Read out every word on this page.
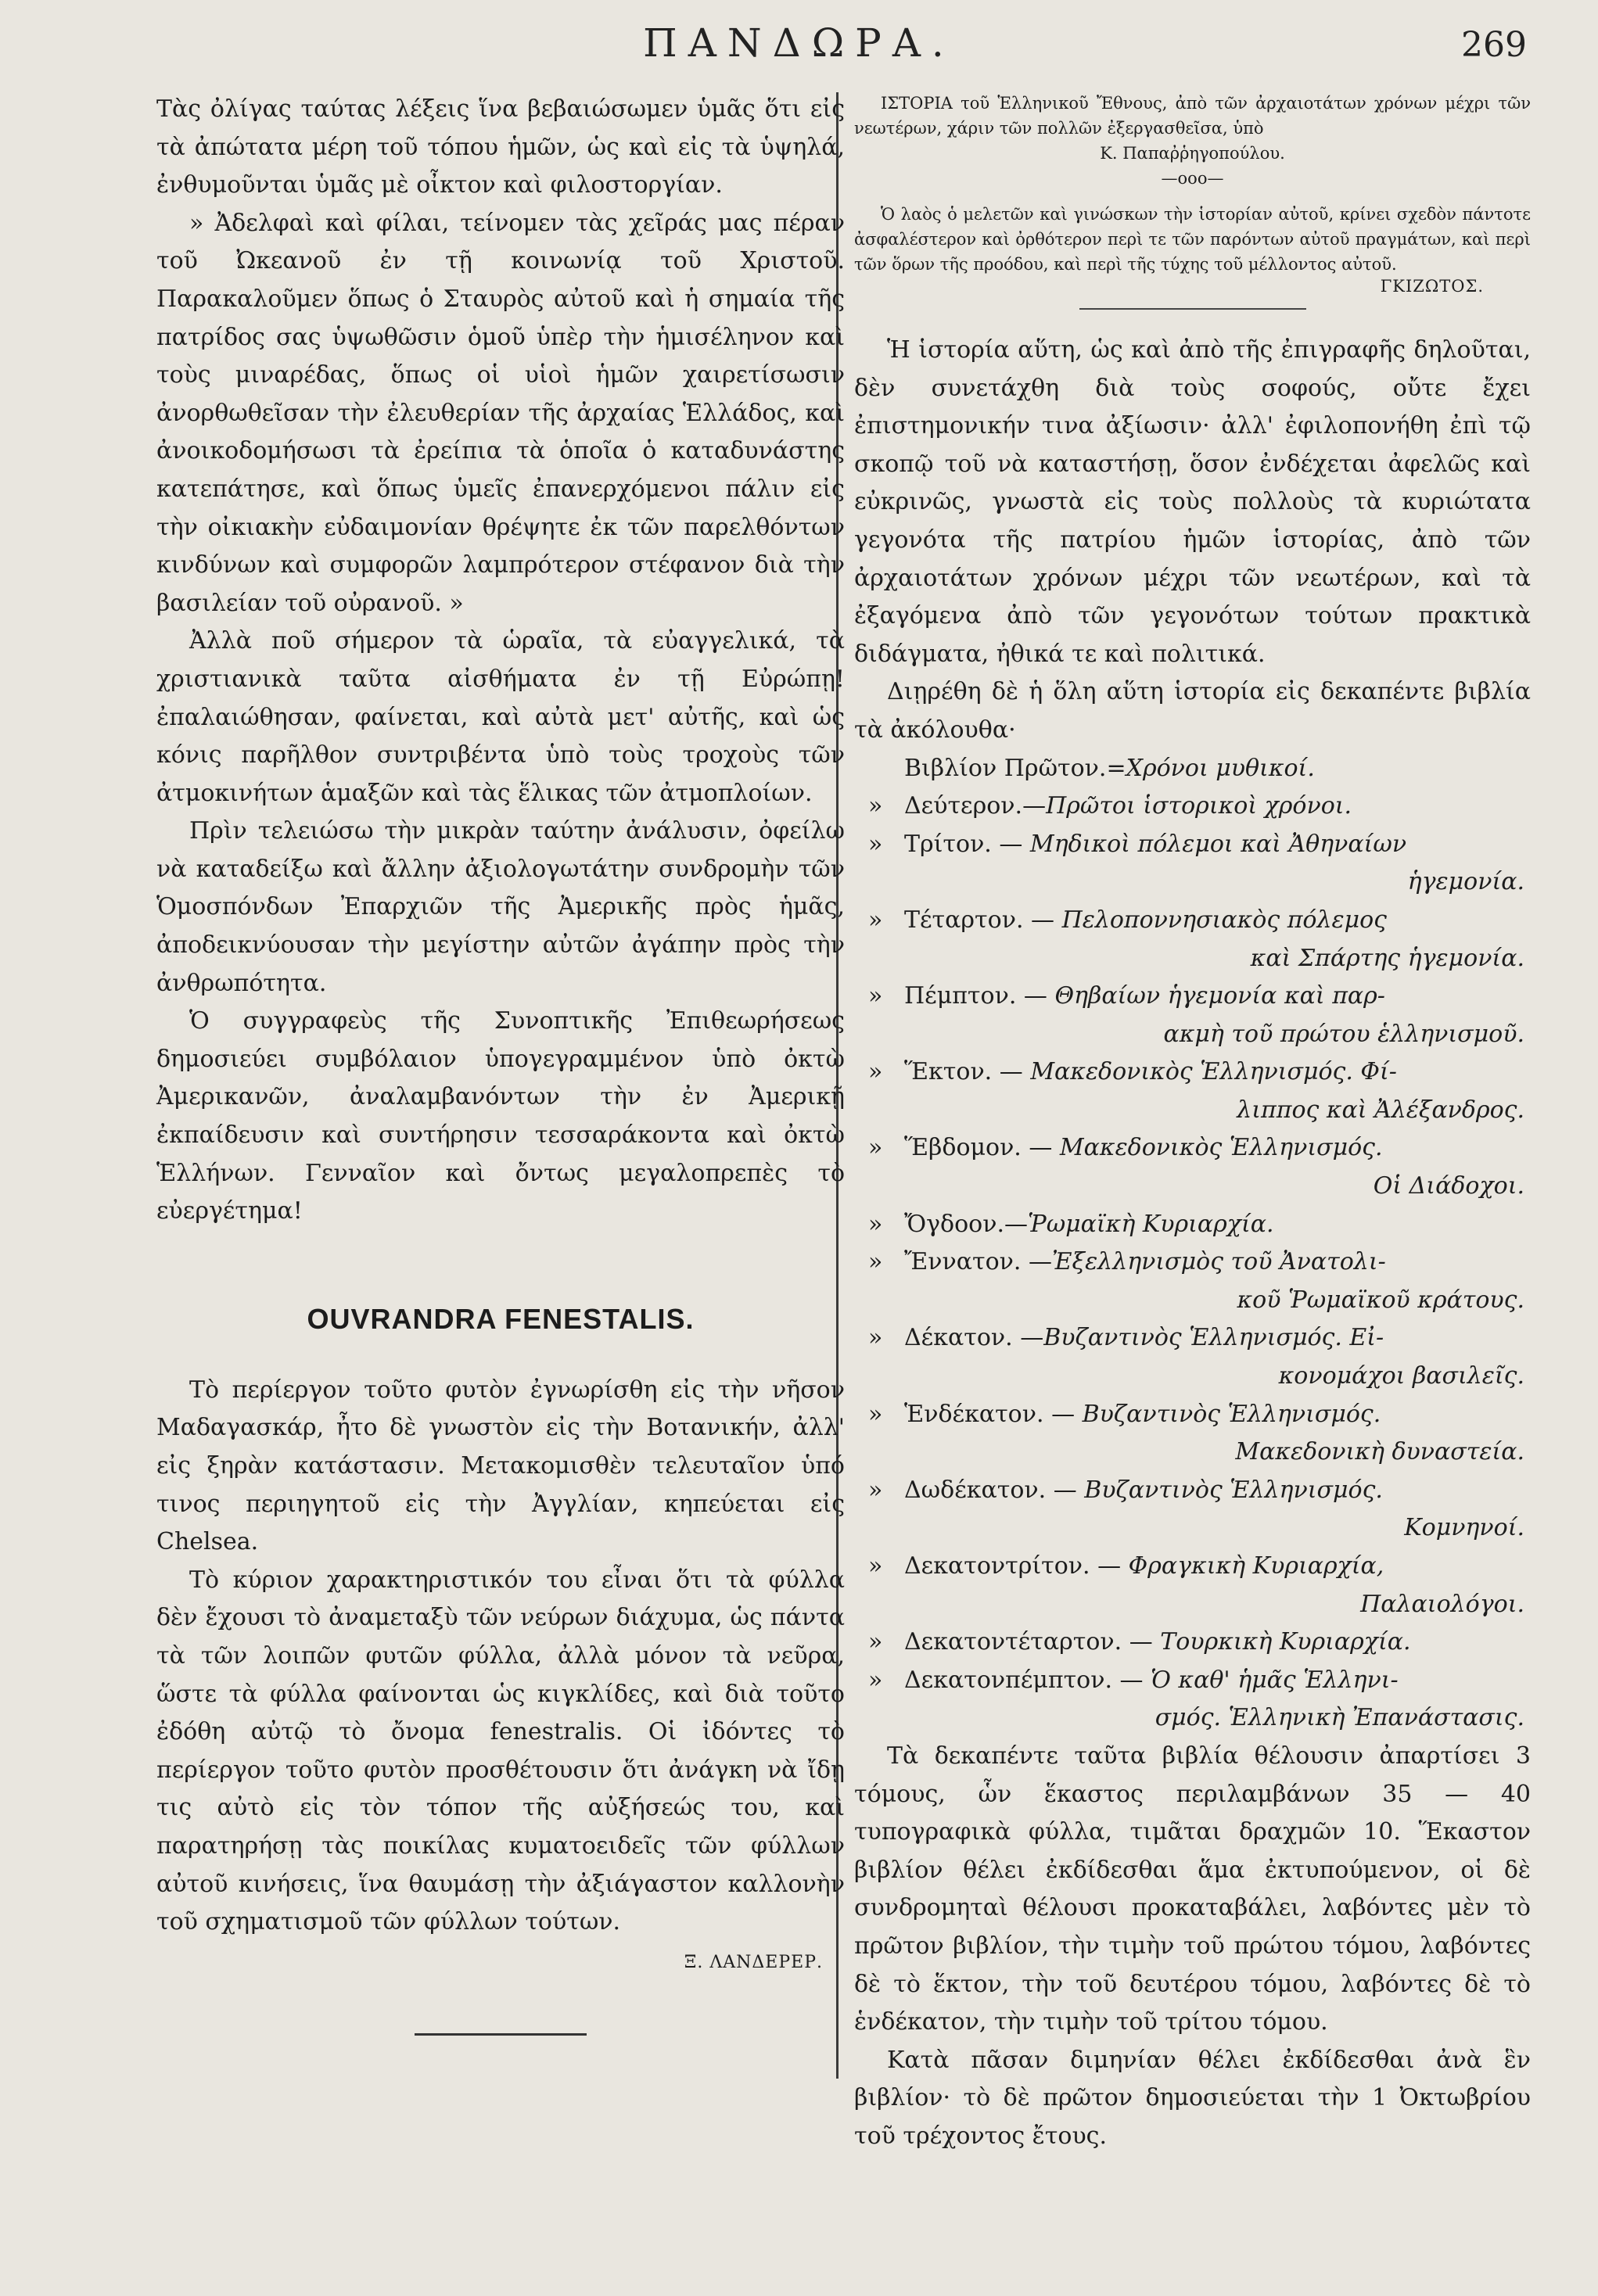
ΠΑΝΔΩΡΑ.	269

Τὰς ὀλίγας ταύτας λέξεις ἵνα βεβαιώσωμεν ὑμᾶς ὅτι εἰς τὰ ἀπώτατα μέρη τοῦ τόπου ἡμῶν, ὡς καὶ εἰς τὰ ὑψηλά, ἐνθυμοῦνται ὑμᾶς μὲ οἶκτον καὶ φιλοστοργίαν.

» Ἀδελφαὶ καὶ φίλαι, τείνομεν τὰς χεῖράς μας πέραν τοῦ Ὠκεανοῦ ἐν τῇ κοινωνίᾳ τοῦ Χριστοῦ. Παρακαλοῦμεν ὅπως ὁ Σταυρὸς αὐτοῦ καὶ ἡ σημαία τῆς πατρίδος σας ὑψωθῶσιν ὁμοῦ ὑπὲρ τὴν ἡμισέληνον καὶ τοὺς μιναρέδας, ὅπως οἱ υἱοὶ ἡμῶν χαιρετίσωσιν ἀνορθωθεῖσαν τὴν ἐλευθερίαν τῆς ἀρχαίας Ἑλλάδος, καὶ ἀνοικοδομήσωσι τὰ ἐρείπια τὰ ὁποῖα ὁ καταδυνάστης κατεπάτησε, καὶ ὅπως ὑμεῖς ἐπανερχόμενοι πάλιν εἰς τὴν οἰκιακὴν εὐδαιμονίαν θρέψητε ἐκ τῶν παρελθόντων κινδύνων καὶ συμφορῶν λαμπρότερον στέφανον διὰ τὴν βασιλείαν τοῦ οὐρανοῦ. »

Ἀλλὰ ποῦ σήμερον τὰ ὡραῖα, τὰ εὐαγγελικά, τὰ χριστιανικὰ ταῦτα αἰσθήματα ἐν τῇ Εὐρώπῃ! ἐπαλαιώθησαν, φαίνεται, καὶ αὐτὰ μετ' αὐτῆς, καὶ ὡς κόνις παρῆλθον συντριβέντα ὑπὸ τοὺς τροχοὺς τῶν ἀτμοκινήτων ἁμαξῶν καὶ τὰς ἕλικας τῶν ἀτμοπλοίων.

Πρὶν τελειώσω τὴν μικρὰν ταύτην ἀνάλυσιν, ὀφείλω νὰ καταδείξω καὶ ἄλλην ἀξιολογωτάτην συνδρομὴν τῶν Ὁμοσπόνδων Ἐπαρχιῶν τῆς Ἀμερικῆς πρὸς ἡμᾶς, ἀποδεικνύουσαν τὴν μεγίστην αὐτῶν ἀγάπην πρὸς τὴν ἀνθρωπότητα.

Ὁ συγγραφεὺς τῆς Συνοπτικῆς Ἐπιθεωρήσεως δημοσιεύει συμβόλαιον ὑπογεγραμμένον ὑπὸ ὀκτὼ Ἀμερικανῶν, ἀναλαμβανόντων τὴν ἐν Ἀμερικῇ ἐκπαίδευσιν καὶ συντήρησιν τεσσαράκοντα καὶ ὀκτὼ Ἑλλήνων. Γενναῖον καὶ ὄντως μεγαλοπρεπὲς τὸ εὐεργέτημα!

OUVRANDRA FENESTALIS.

Τὸ περίεργον τοῦτο φυτὸν ἐγνωρίσθη εἰς τὴν νῆσον Μαδαγασκάρ, ἦτο δὲ γνωστὸν εἰς τὴν Βοτανικήν, ἀλλ' εἰς ξηρὰν κατάστασιν. Μετακομισθὲν τελευταῖον ὑπό τινος περιηγητοῦ εἰς τὴν Ἀγγλίαν, κηπεύεται εἰς Chelsea.

Τὸ κύριον χαρακτηριστικόν του εἶναι ὅτι τὰ φύλλα δὲν ἔχουσι τὸ ἀναμεταξὺ τῶν νεύρων διάχυμα, ὡς πάντα τὰ τῶν λοιπῶν φυτῶν φύλλα, ἀλλὰ μόνον τὰ νεῦρα, ὥστε τὰ φύλλα φαίνονται ὡς κιγκλίδες, καὶ διὰ τοῦτο ἐδόθη αὐτῷ τὸ ὄνομα fenestralis. Οἱ ἰδόντες τὸ περίεργον τοῦτο φυτὸν προσθέτουσιν ὅτι ἀνάγκη νὰ ἴδῃ τις αὐτὸ εἰς τὸν τόπον τῆς αὐξήσεώς του, καὶ παρατηρήσῃ τὰς ποικίλας κυματοειδεῖς τῶν φύλλων αὐτοῦ κινήσεις, ἵνα θαυμάσῃ τὴν ἀξιάγαστον καλλονὴν τοῦ σχηματισμοῦ τῶν φύλλων τούτων.

Ξ. ΛΑΝΔΕΡΕΡ.

ΙΣΤΟΡΙΑ τοῦ Ἑλληνικοῦ Ἔθνους, ἀπὸ τῶν ἀρχαιοτάτων χρόνων μέχρι τῶν νεωτέρων, χάριν τῶν πολλῶν ἐξεργασθεῖσα, ὑπὸ

Κ. Παπαῤῥηγοπούλου.

—οοο—

Ὁ λαὸς ὁ μελετῶν καὶ γινώσκων τὴν ἱστορίαν αὐτοῦ, κρίνει σχεδὸν πάντοτε ἀσφαλέστερον καὶ ὀρθότερον περὶ τε τῶν παρόντων αὐτοῦ πραγμάτων, καὶ περὶ τῶν ὅρων τῆς προόδου, καὶ περὶ τῆς τύχης τοῦ μέλλοντος αὐτοῦ.

ΓΚΙΖΩΤΟΣ.

Ἡ ἱστορία αὕτη, ὡς καὶ ἀπὸ τῆς ἐπιγραφῆς δηλοῦται, δὲν συνετάχθη διὰ τοὺς σοφούς, οὔτε ἔχει ἐπιστημονικήν τινα ἀξίωσιν· ἀλλ' ἐφιλοπονήθη ἐπὶ τῷ σκοπῷ τοῦ νὰ καταστήσῃ, ὅσον ἐνδέχεται ἀφελῶς καὶ εὐκρινῶς, γνωστὰ εἰς τοὺς πολλοὺς τὰ κυριώτατα γεγονότα τῆς πατρίου ἡμῶν ἱστορίας, ἀπὸ τῶν ἀρχαιοτάτων χρόνων μέχρι τῶν νεωτέρων, καὶ τὰ ἐξαγόμενα ἀπὸ τῶν γεγονότων τούτων πρακτικὰ διδάγματα, ἠθικά τε καὶ πολιτικά.

Διῃρέθη δὲ ἡ ὅλη αὕτη ἱστορία εἰς δεκαπέντε βιβλία τὰ ἀκόλουθα·

Βιβλίον Πρῶτον.=Χρόνοι μυθικοί.
» Δεύτερον.—Πρῶτοι ἱστορικοὶ χρόνοι.
» Τρίτον. — Μηδικοὶ πόλεμοι καὶ Ἀθηναίων
ἡγεμονία.
» Τέταρτον. — Πελοποννησιακὸς πόλεμος
καὶ Σπάρτης ἡγεμονία.
» Πέμπτον. — Θηβαίων ἡγεμονία καὶ παρ-
ακμὴ τοῦ πρώτου ἑλληνισμοῦ.
» Ἕκτον. — Μακεδονικὸς Ἑλληνισμός. Φί-
λιππος καὶ Ἀλέξανδρος.
» Ἕβδομον. — Μακεδονικὸς Ἑλληνισμός.
Οἱ Διάδοχοι.
» Ὄγδοον.—Ῥωμαϊκὴ Κυριαρχία.
» Ἔννατον. —Ἐξελληνισμὸς τοῦ Ἀνατολι-
κοῦ Ῥωμαϊκοῦ κράτους.
» Δέκατον. —Βυζαντινὸς Ἑλληνισμός. Εἰ-
κονομάχοι βασιλεῖς.
» Ἑνδέκατον. — Βυζαντινὸς Ἑλληνισμός.
Μακεδονικὴ δυναστεία.
» Δωδέκατον. — Βυζαντινὸς Ἑλληνισμός.
Κομνηνοί.
» Δεκατοντρίτον. — Φραγκικὴ Κυριαρχία,
Παλαιολόγοι.
» Δεκατοντέταρτον. — Τουρκικὴ Κυριαρχία.
» Δεκατονπέμπτον. — Ὁ καθ' ἡμᾶς Ἑλληνι-
σμός. Ἑλληνικὴ Ἐπανάστασις.

Τὰ δεκαπέντε ταῦτα βιβλία θέλουσιν ἀπαρτίσει 3 τόμους, ὧν ἕκαστος περιλαμβάνων 35 — 40 τυπογραφικὰ φύλλα, τιμᾶται δραχμῶν 10. Ἕκαστον βιβλίον θέλει ἐκδίδεσθαι ἅμα ἐκτυπούμενον, οἱ δὲ συνδρομηταὶ θέλουσι προκαταβάλει, λαβόντες μὲν τὸ πρῶτον βιβλίον, τὴν τιμὴν τοῦ πρώτου τόμου, λαβόντες δὲ τὸ ἕκτον, τὴν τοῦ δευτέρου τόμου, λαβόντες δὲ τὸ ἑνδέκατον, τὴν τιμὴν τοῦ τρίτου τόμου.

Κατὰ πᾶσαν διμηνίαν θέλει ἐκδίδεσθαι ἀνὰ ἓν βιβλίον· τὸ δὲ πρῶτον δημοσιεύεται τὴν 1 Ὀκτωβρίου τοῦ τρέχοντος ἔτους.
